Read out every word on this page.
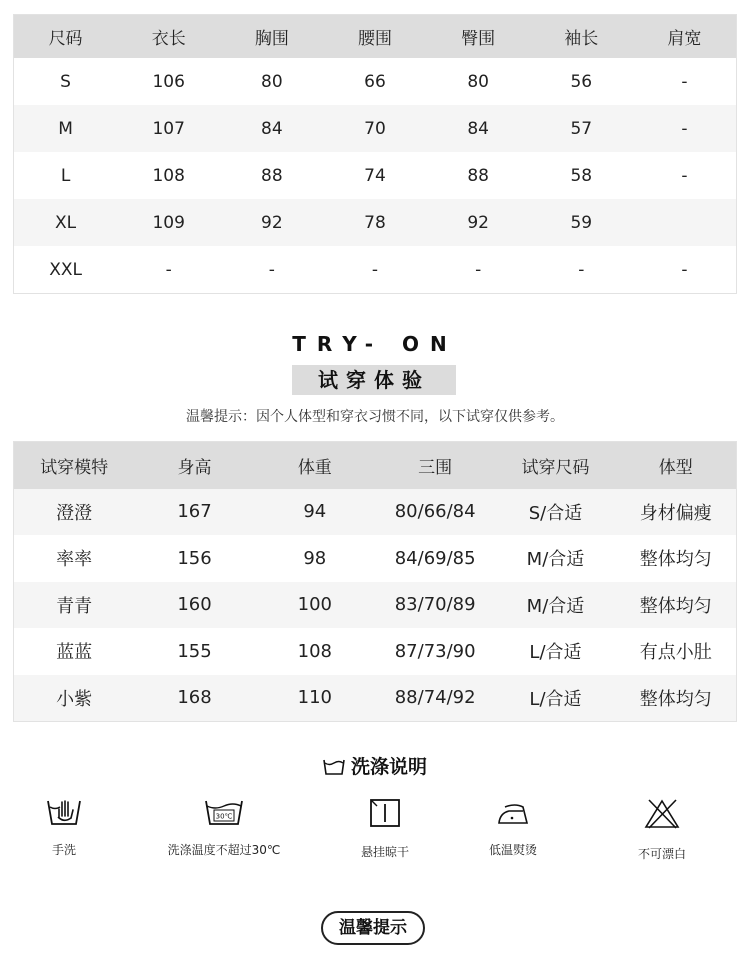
尺码	衣长	胸围	腰围	臀围	袖长	肩宽
S	106	80	66	80	56	-
M	107	84	70	84	57	-
L	108	88	74	88	58	-
XL	109	92	78	92	59
XXL	-	-	-	-	-	-
TRY- ON
试穿体验
温馨提示：因个人体型和穿衣习惯不同，以下试穿仅供参考。
试穿模特	身高	体重	三围	试穿尺码	体型
澄澄	167	94	80/66/84	S/合适	身材偏瘦
率率	156	98	84/69/85	M/合适	整体均匀
青青	160	100	83/70/89	M/合适	整体均匀
蓝蓝	155	108	87/73/90	L/合适	有点小肚
小紫	168	110	88/74/92	L/合适	整体均匀
洗涤说明
手洗
30℃
洗涤温度不超过30℃	悬挂晾干	低温熨烫	不可漂白
温馨提示
